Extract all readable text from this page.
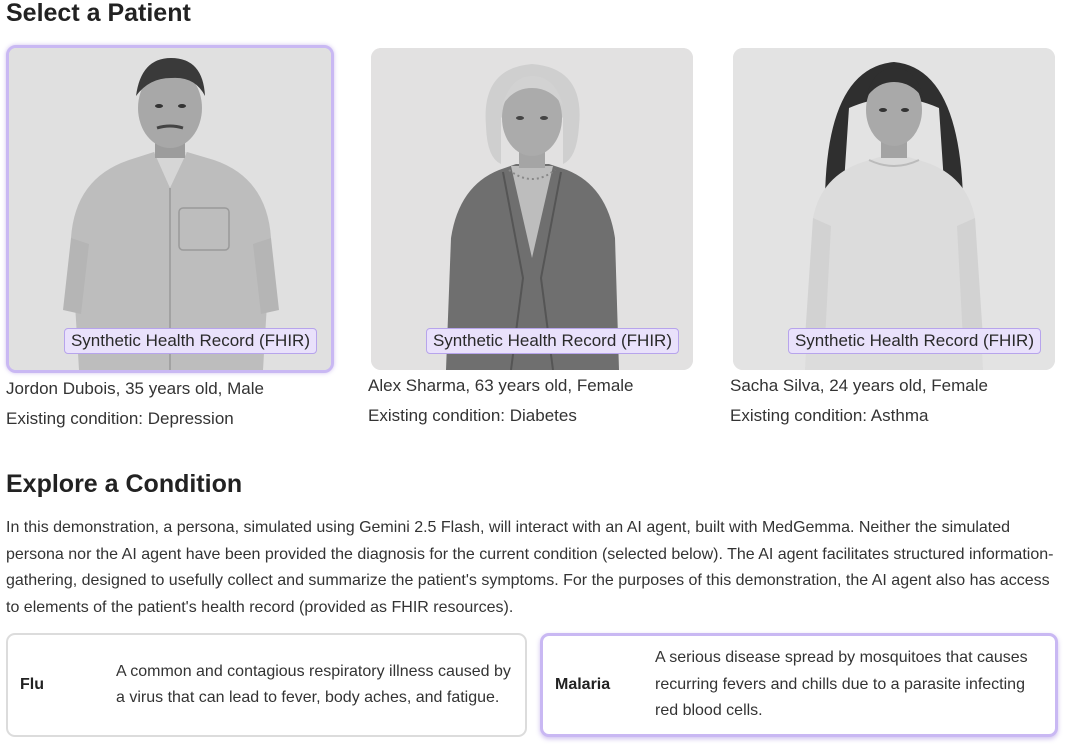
Select a Patient
Synthetic Health Record (FHIR)
Jordon Dubois, 35 years old, Male
Existing condition: Depression
Synthetic Health Record (FHIR)
Alex Sharma, 63 years old, Female
Existing condition: Diabetes
Synthetic Health Record (FHIR)
Sacha Silva, 24 years old, Female
Existing condition: Asthma
Explore a Condition

In this demonstration, a persona, simulated using Gemini 2.5 Flash, will interact with an AI agent, built with MedGemma. Neither the simulated persona nor the AI agent have been provided the diagnosis for the current condition (selected below). The AI agent facilitates structured information-gathering, designed to usefully collect and summarize the patient's symptoms. For the purposes of this demonstration, the AI agent also has access to elements of the patient's health record (provided as FHIR resources).

Flu
A common and contagious respiratory illness caused by a virus that can lead to fever, body aches, and fatigue.
Malaria
A serious disease spread by mosquitoes that causes recurring fevers and chills due to a parasite infecting red blood cells.
